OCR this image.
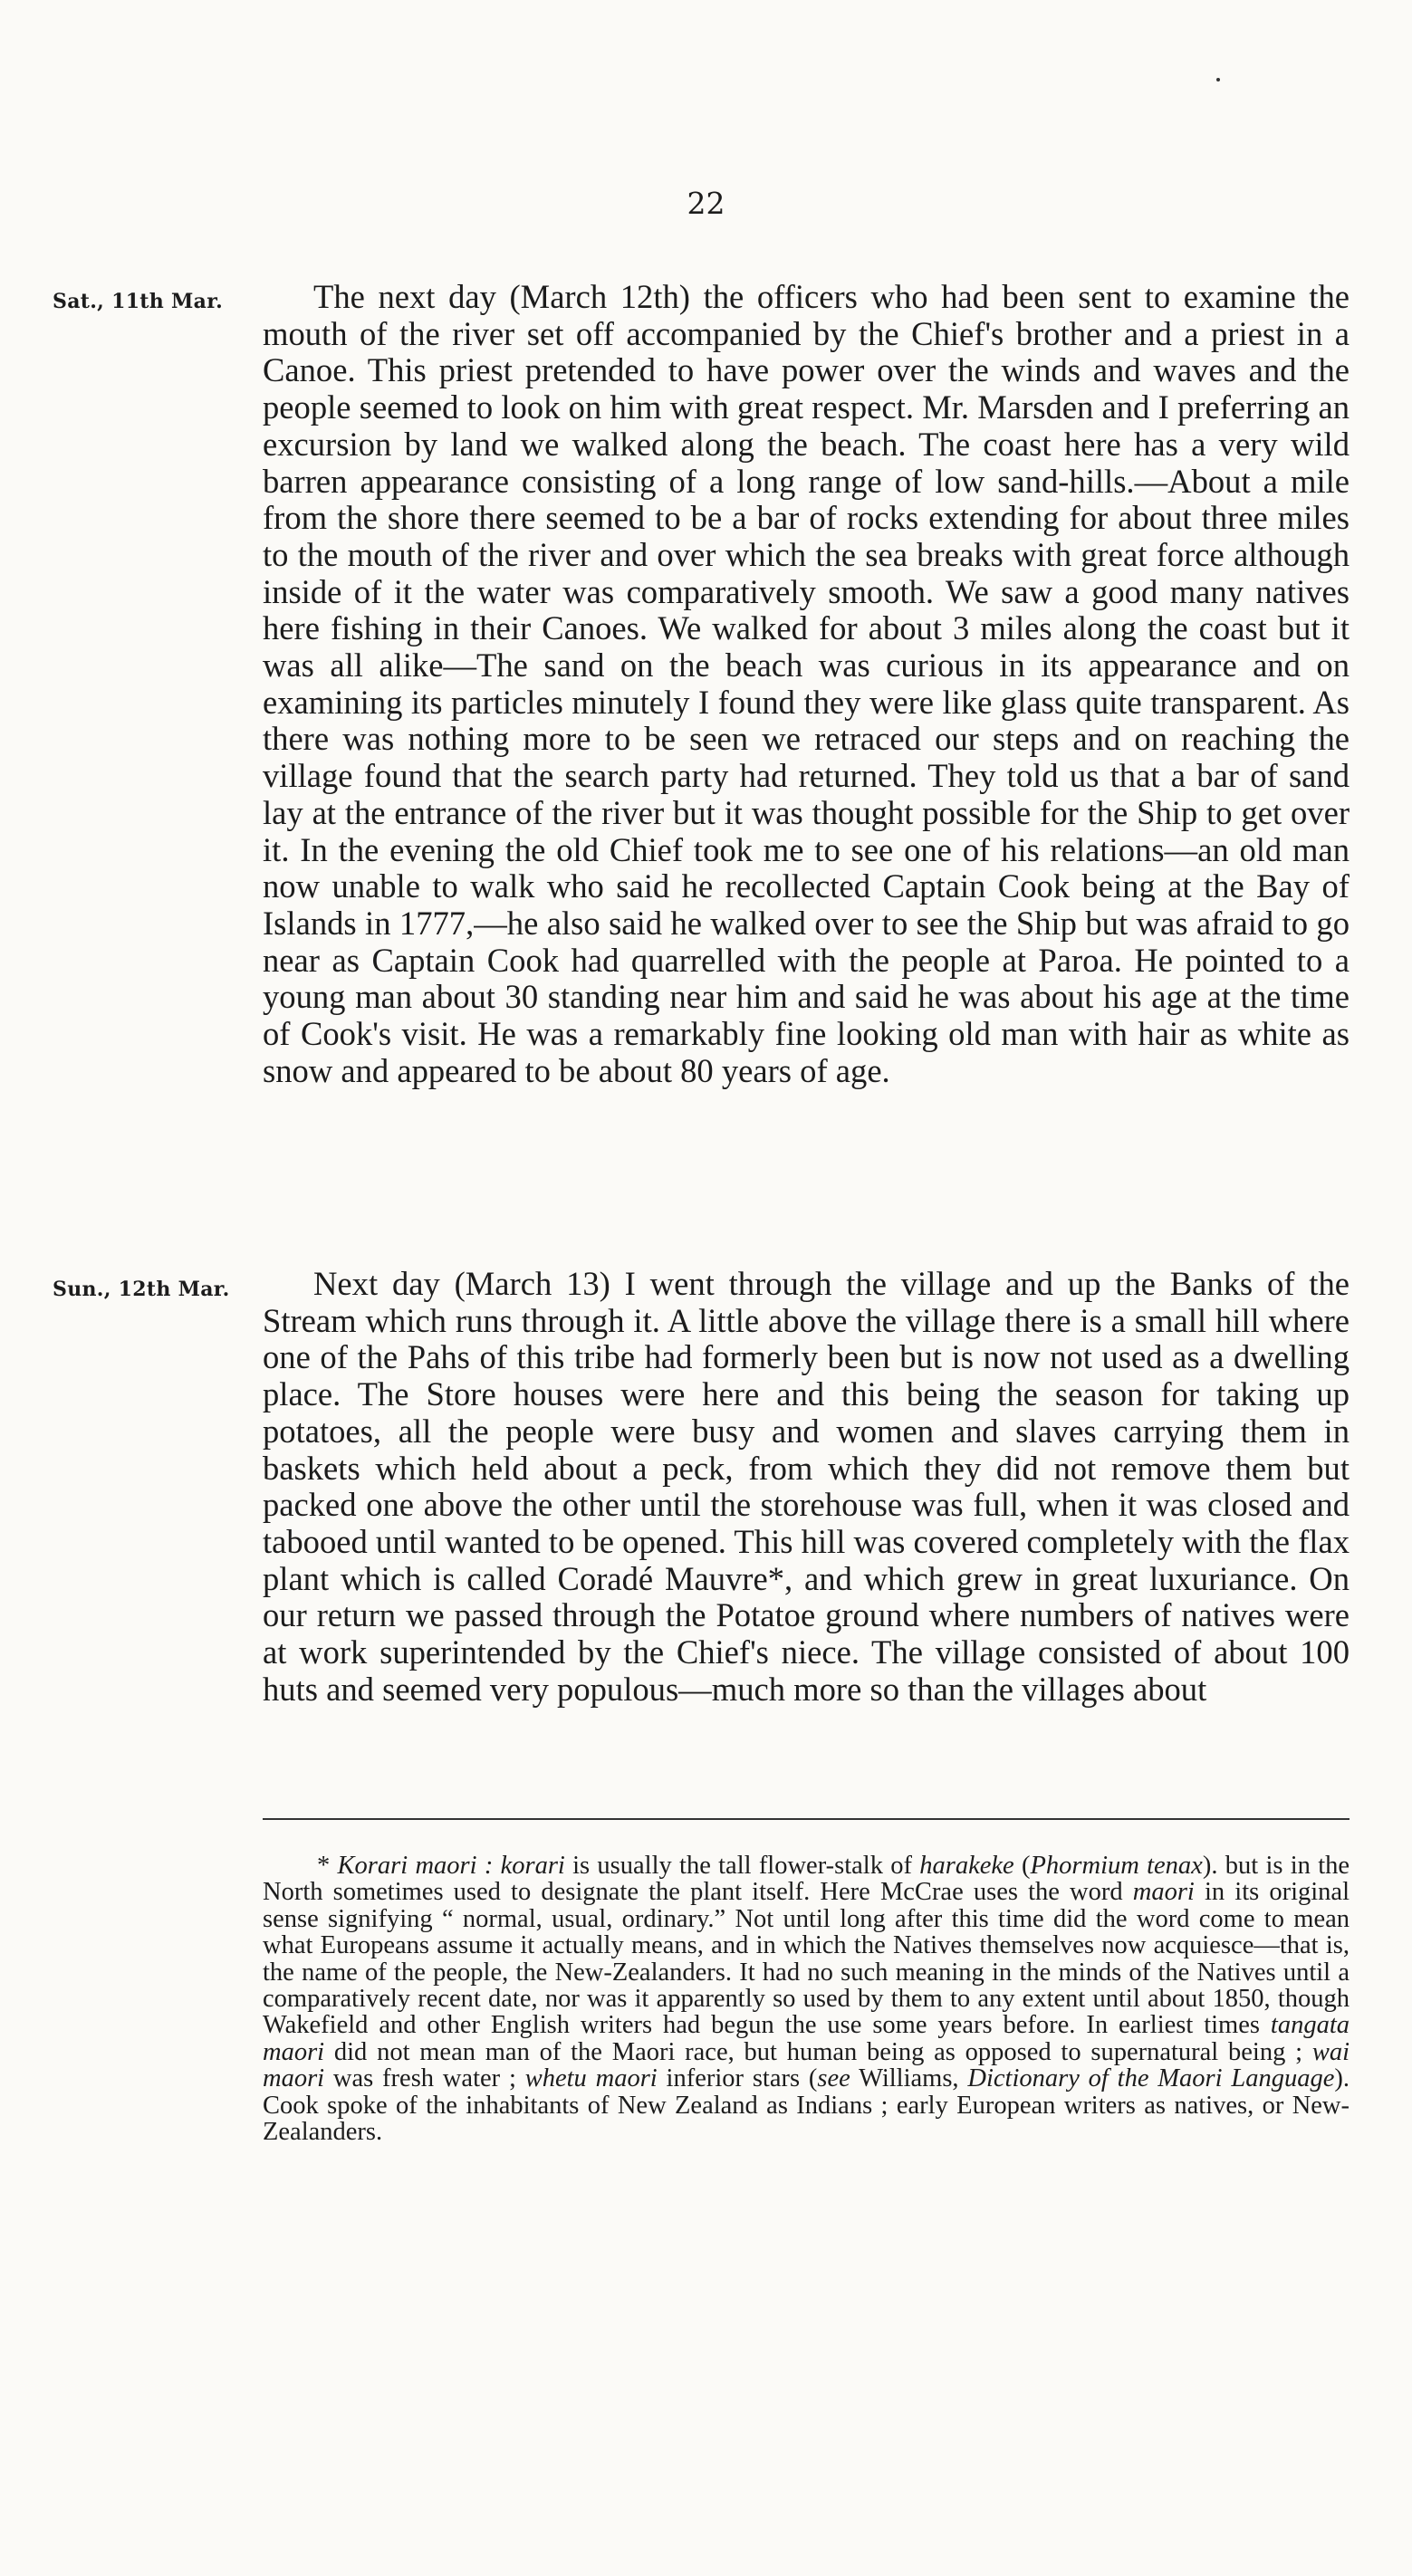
22
Sat., 11th Mar.	The next day (March 12th) the officers who had been sent to examine the mouth of the river set off accompanied by the Chief's brother and a priest in a Canoe. This priest pretended to have power over the winds and waves and the people seemed to look on him with great respect. Mr. Marsden and I preferring an excursion by land we walked along the beach. The coast here has a very wild barren appearance consisting of a long range of low sand-hills.—About a mile from the shore there seemed to be a bar of rocks extending for about three miles to the mouth of the river and over which the sea breaks with great force although inside of it the water was comparatively smooth. We saw a good many natives here fishing in their Canoes. We walked for about 3 miles along the coast but it was all alike—The sand on the beach was curious in its appearance and on examining its particles minutely I found they were like glass quite transparent. As there was nothing more to be seen we retraced our steps and on reaching the village found that the search party had returned. They told us that a bar of sand lay at the entrance of the river but it was thought possible for the Ship to get over it. In the evening the old Chief took me to see one of his relations—an old man now unable to walk who said he recollected Captain Cook being at the Bay of Islands in 1777,—he also said he walked over to see the Ship but was afraid to go near as Captain Cook had quarrelled with the people at Paroa. He pointed to a young man about 30 standing near him and said he was about his age at the time of Cook's visit. He was a remarkably fine looking old man with hair as white as snow and appeared to be about 80 years of age.

Sun., 12th Mar.	Next day (March 13) I went through the village and up the Banks of the Stream which runs through it. A little above the village there is a small hill where one of the Pahs of this tribe had formerly been but is now not used as a dwelling place. The Store houses were here and this being the season for taking up potatoes, all the people were busy and women and slaves carrying them in baskets which held about a peck, from which they did not remove them but packed one above the other until the storehouse was full, when it was closed and tabooed until wanted to be opened. This hill was covered completely with the flax plant which is called Coradé Mauvre*, and which grew in great luxuriance. On our return we passed through the Potatoe ground where numbers of natives were at work superintended by the Chief's niece. The village consisted of about 100 huts and seemed very populous—much more so than the villages about

* Korari maori : korari is usually the tall flower-stalk of harakeke (Phormium tenax). but is in the North sometimes used to designate the plant itself. Here McCrae uses the word maori in its original sense signifying “ normal, usual, ordinary.” Not until long after this time did the word come to mean what Europeans assume it actually means, and in which the Natives themselves now acquiesce—that is, the name of the people, the New-Zealanders. It had no such meaning in the minds of the Natives until a comparatively recent date, nor was it apparently so used by them to any extent until about 1850, though Wakefield and other English writers had begun the use some years before. In earliest times tangata maori did not mean man of the Maori race, but human being as opposed to supernatural being ; wai maori was fresh water ; whetu maori inferior stars (see Williams, Dictionary of the Maori Language). Cook spoke of the inhabitants of New Zealand as Indians ; early European writers as natives, or New-Zealanders.
